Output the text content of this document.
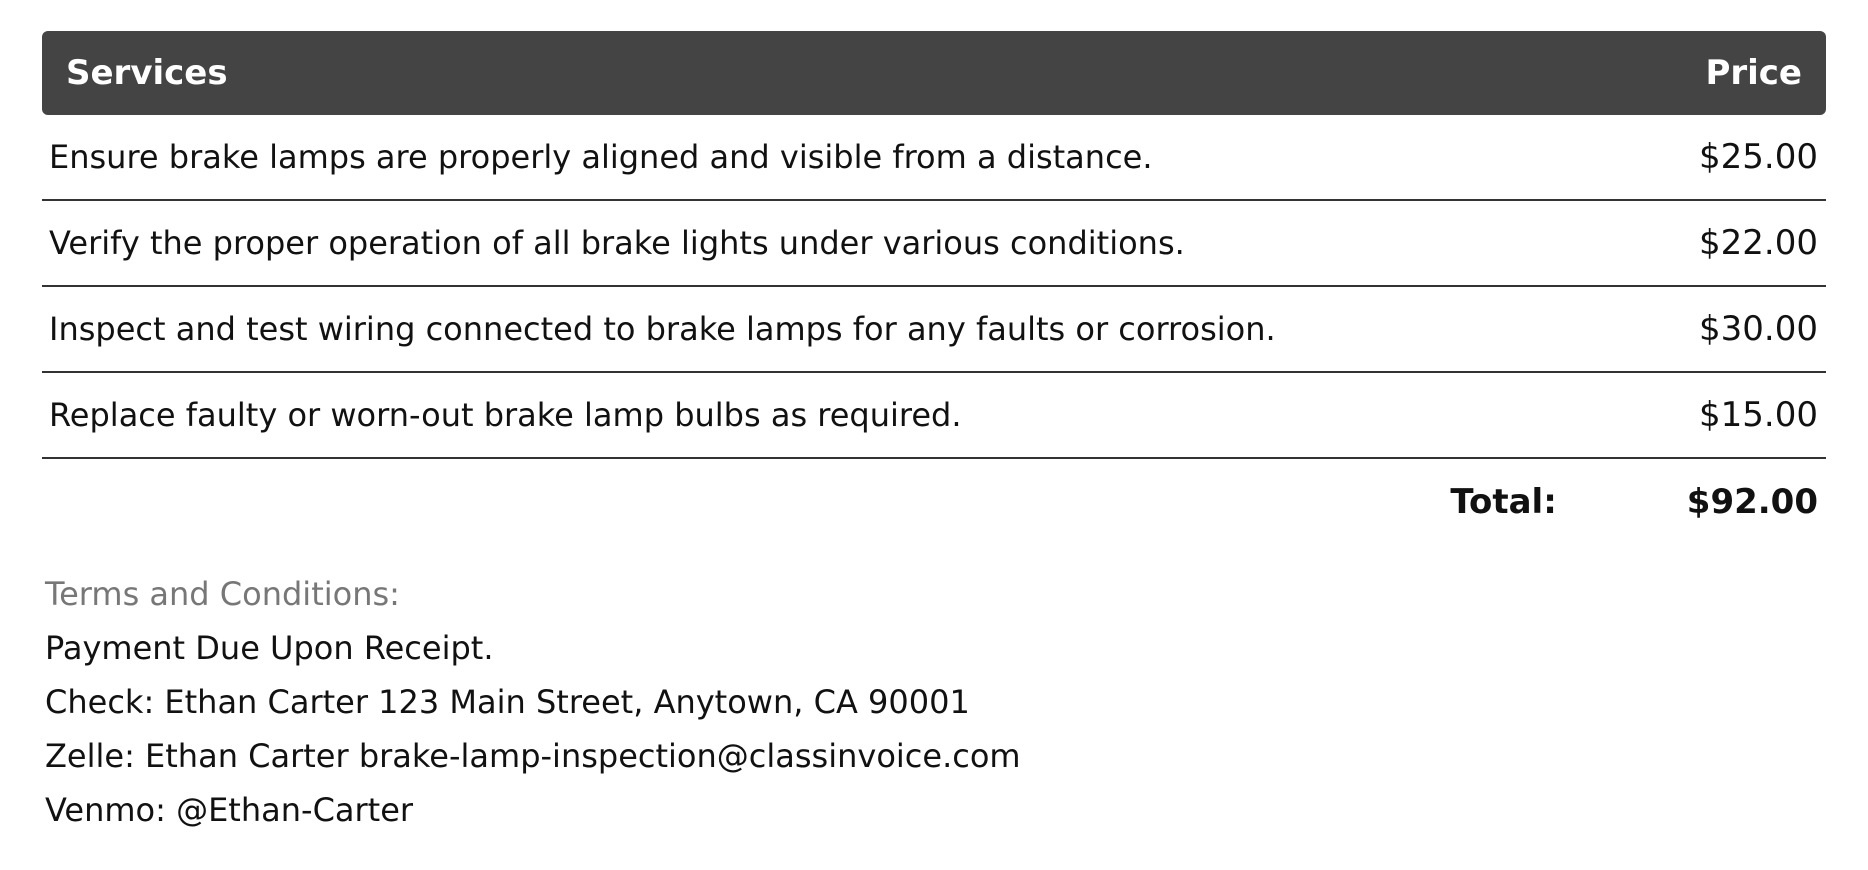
Services	Price
Ensure brake lamps are properly aligned and visible from a distance.	$25.00
Verify the proper operation of all brake lights under various conditions.	$22.00
Inspect and test wiring connected to brake lamps for any faults or corrosion.	$30.00
Replace faulty or worn-out brake lamp bulbs as required.	$15.00
Total:	$92.00
Terms and Conditions:
Payment Due Upon Receipt.
Check: Ethan Carter 123 Main Street, Anytown, CA 90001
Zelle: Ethan Carter brake-lamp-inspection@classinvoice.com
Venmo: @Ethan-Carter
